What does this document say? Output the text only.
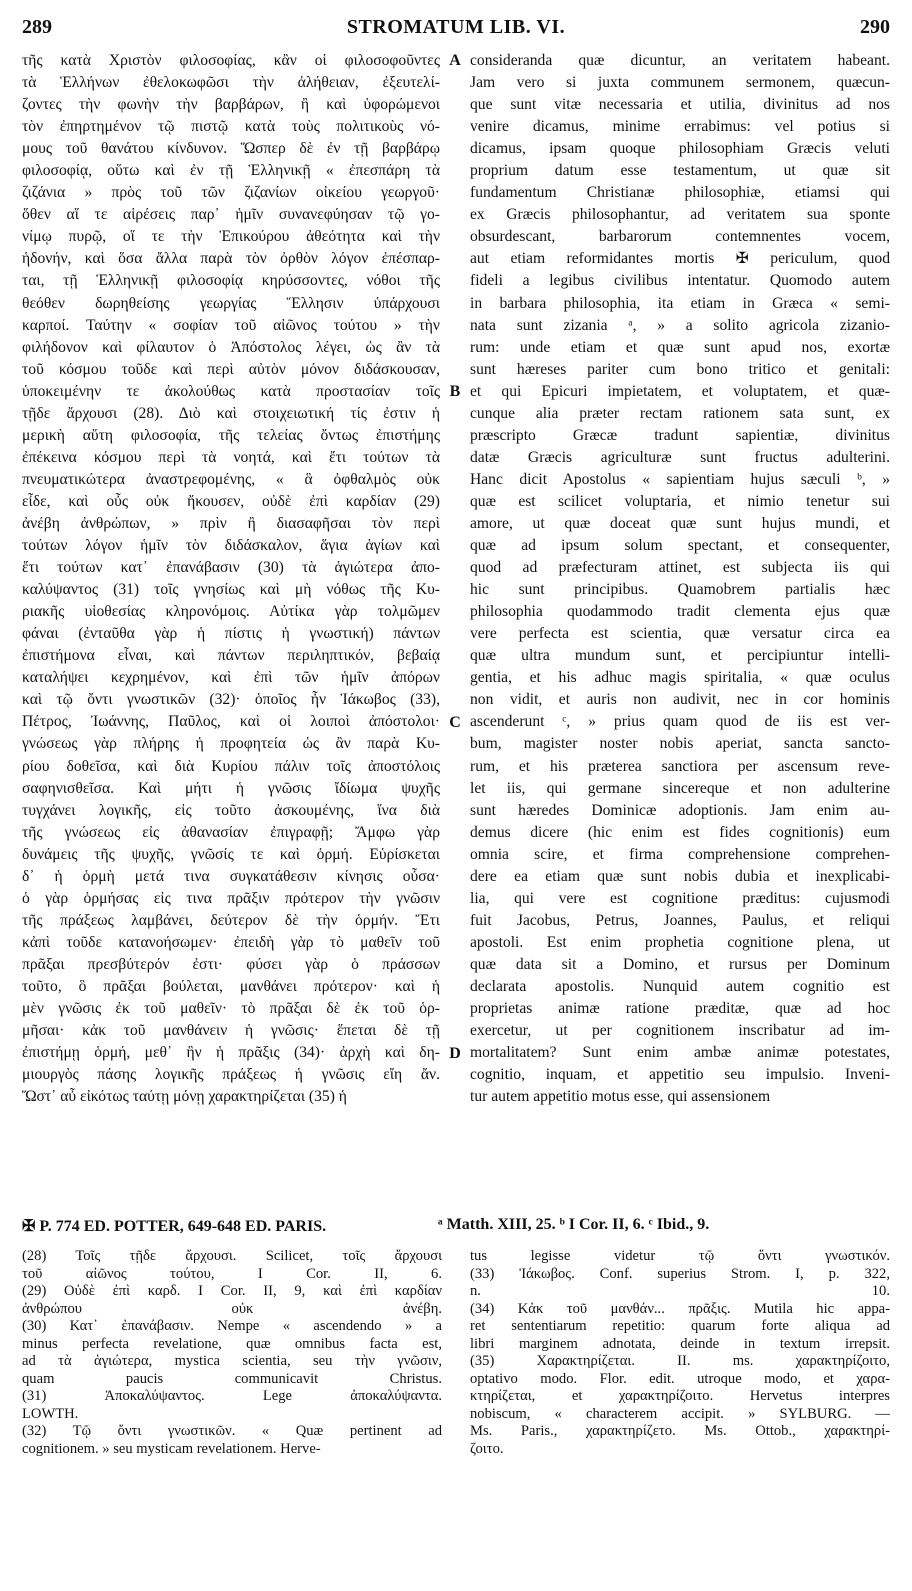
289	STROMATUM LIB. VI.	290
τῆς κατὰ Χριστὸν φιλοσοφίας, κἂν οἱ φιλοσοφοῦντες
τὰ Ἑλλήνων ἐθελοκωφῶσι τὴν ἀλήθειαν, ἐξευτελί-
ζοντες τὴν φωνὴν τὴν βαρβάρων, ἢ καὶ ὑφορώμενοι
τὸν ἐπηρτημένον τῷ πιστῷ κατὰ τοὺς πολιτικοὺς νό-
μους τοῦ θανάτου κίνδυνον. Ὥσπερ δὲ ἐν τῇ βαρβάρῳ
φιλοσοφίᾳ, οὕτω καὶ ἐν τῇ Ἑλληνικῇ « ἐπεσπάρη τὰ
ζιζάνια » πρὸς τοῦ τῶν ζιζανίων οἰκείου γεωργοῦ·
ὅθεν αἵ τε αἱρέσεις παρ᾽ ἡμῖν συνανεφύησαν τῷ γο-
νίμῳ πυρῷ, οἵ τε τὴν Ἐπικούρου ἀθεότητα καὶ τὴν
ἡδονήν, καὶ ὅσα ἄλλα παρὰ τὸν ὀρθὸν λόγον ἐπέσπαρ-
ται, τῇ Ἑλληνικῇ φιλοσοφίᾳ κηρύσσοντες, νόθοι τῆς
θεόθεν δωρηθείσης γεωργίας Ἕλλησιν ὑπάρχουσι
καρποί. Ταύτην « σοφίαν τοῦ αἰῶνος τούτου » τὴν
φιλήδονον καὶ φίλαυτον ὁ Ἀπόστολος λέγει, ὡς ἂν τὰ
τοῦ κόσμου τοῦδε καὶ περὶ αὐτὸν μόνον διδάσκουσαν,
ὑποκειμένην τε ἀκολούθως κατὰ προστασίαν τοῖς
τῇδε ἄρχουσι (28). Διὸ καὶ στοιχειωτική τίς ἐστιν ἡ
μερικὴ αὕτη φιλοσοφία, τῆς τελείας ὄντως ἐπιστήμης
ἐπέκεινα κόσμου περὶ τὰ νοητά, καὶ ἔτι τούτων τὰ
πνευματικώτερα ἀναστρεφομένης, « ἃ ὀφθαλμὸς οὐκ
εἶδε, καὶ οὖς οὐκ ἤκουσεν, οὐδὲ ἐπὶ καρδίαν (29)
ἀνέβη ἀνθρώπων, » πρὶν ἢ διασαφῆσαι τὸν περὶ
τούτων λόγον ἡμῖν τὸν διδάσκαλον, ἅγια ἁγίων καὶ
ἔτι τούτων κατ᾽ ἐπανάβασιν (30) τὰ ἁγιώτερα ἀπο-
καλύψαντος (31) τοῖς γνησίως καὶ μὴ νόθως τῆς Κυ-
ριακῆς υἱοθεσίας κληρονόμοις. Αὐτίκα γὰρ τολμῶμεν
φάναι (ἐνταῦθα γὰρ ἡ πίστις ἡ γνωστική) πάντων
ἐπιστήμονα εἶναι, καὶ πάντων περιληπτικόν, βεβαίᾳ
καταλήψει κεχρημένον, καὶ ἐπὶ τῶν ἡμῖν ἀπόρων
καὶ τῷ ὄντι γνωστικῶν (32)· ὁποῖος ἦν Ἰάκωβος (33),
Πέτρος, Ἰωάννης, Παῦλος, καὶ οἱ λοιποὶ ἀπόστολοι·
γνώσεως γὰρ πλήρης ἡ προφητεία ὡς ἂν παρὰ Κυ-
ρίου δοθεῖσα, καὶ διὰ Κυρίου πάλιν τοῖς ἀποστόλοις
σαφηνισθεῖσα. Καὶ μήτι ἡ γνῶσις ἴδίωμα ψυχῆς
τυγχάνει λογικῆς, εἰς τοῦτο ἀσκουμένης, ἵνα διὰ
τῆς γνώσεως εἰς ἀθανασίαν ἐπιγραφῇ; Ἄμφω γὰρ
δυνάμεις τῆς ψυχῆς, γνῶσίς τε καὶ ὁρμή. Εὑρίσκεται
δ᾽ ἡ ὁρμὴ μετά τινα συγκατάθεσιν κίνησις οὖσα·
ὁ γὰρ ὁρμήσας εἰς τινα πρᾶξιν πρότερον τὴν γνῶσιν
τῆς πράξεως λαμβάνει, δεύτερον δὲ τὴν ὁρμήν. Ἔτι
κἀπὶ τοῦδε κατανοήσωμεν· ἐπειδὴ γὰρ τὸ μαθεῖν τοῦ
πρᾶξαι πρεσβύτερόν ἐστι· φύσει γὰρ ὁ πράσσων
τοῦτο, ὃ πρᾶξαι βούλεται, μανθάνει πρότερον· καὶ ἡ
μὲν γνῶσις ἐκ τοῦ μαθεῖν· τὸ πρᾶξαι δὲ ἐκ τοῦ ὁρ-
μῆσαι· κἀκ τοῦ μανθάνειν ἡ γνῶσις· ἕπεται δὲ τῇ
ἐπιστήμῃ ὁρμή, μεθ᾽ ἣν ἡ πρᾶξις (34)· ἀρχὴ καὶ δη-
μιουργὸς πάσης λογικῆς πράξεως ἡ γνῶσις εἴη ἄν.
Ὥστ᾽ αὖ εἰκότως ταύτῃ μόνῃ χαρακτηρίζεται (35) ἡ
consideranda quæ dicuntur, an veritatem habeant.
Jam vero si juxta communem sermonem, quæcun-
que sunt vitæ necessaria et utilia, divinitus ad nos
venire dicamus, minime errabimus: vel potius si
dicamus, ipsam quoque philosophiam Græcis veluti
proprium datum esse testamentum, ut quæ sit
fundamentum Christianæ philosophiæ, etiamsi qui
ex Græcis philosophantur, ad veritatem sua sponte
obsurdescant, barbarorum contemnentes vocem,
aut etiam reformidantes mortis ✠ periculum, quod
fideli a legibus civilibus intentatur. Quomodo autem
in barbara philosophia, ita etiam in Græca « semi-
nata sunt zizania ᵃ, » a solito agricola zizanio-
rum: unde etiam et quæ sunt apud nos, exortæ
sunt hæreses pariter cum bono tritico et genitali:
et qui Epicuri impietatem, et voluptatem, et quæ-
cunque alia præter rectam rationem sata sunt, ex
præscripto Græcæ tradunt sapientiæ, divinitus
datæ Græcis agriculturæ sunt fructus adulterini.
Hanc dicit Apostolus « sapientiam hujus sæculi ᵇ, »
quæ est scilicet voluptaria, et nimio tenetur sui
amore, ut quæ doceat quæ sunt hujus mundi, et
quæ ad ipsum solum spectant, et consequenter,
quod ad præfecturam attinet, est subjecta iis qui
hic sunt principibus. Quamobrem partialis hæc
philosophia quodammodo tradit clementa ejus quæ
vere perfecta est scientia, quæ versatur circa ea
quæ ultra mundum sunt, et percipiuntur intelli-
gentia, et his adhuc magis spiritalia, « quæ oculus
non vidit, et auris non audivit, nec in cor hominis
ascenderunt ᶜ, » prius quam quod de iis est ver-
bum, magister noster nobis aperiat, sancta sancto-
rum, et his præterea sanctiora per ascensum reve-
let iis, qui germane sincereque et non adulterine
sunt hæredes Dominicæ adoptionis. Jam enim au-
demus dicere (hic enim est fides cognitionis) eum
omnia scire, et firma comprehensione comprehen-
dere ea etiam quæ sunt nobis dubia et inexplicabi-
lia, qui vere est cognitione præditus: cujusmodi
fuit Jacobus, Petrus, Joannes, Paulus, et reliqui
apostoli. Est enim prophetia cognitione plena, ut
quæ data sit a Domino, et rursus per Dominum
declarata apostolis. Nunquid autem cognitio est
proprietas animæ ratione præditæ, quæ ad hoc
exercetur, ut per cognitionem inscribatur ad im-
mortalitatem? Sunt enim ambæ animæ potestates,
cognitio, inquam, et appetitio seu impulsio. Inveni-
tur autem appetitio motus esse, qui assensionem
A
B
C
D
✠ P. 774 ED. POTTER, 649-648 ED. PARIS.	ᵃ Matth. XIII, 25. ᵇ I Cor. II, 6. ᶜ Ibid., 9.
(28) Τοῖς τῇδε ἄρχουσι. Scilicet, τοῖς ἄρχουσι
τοῦ αἰῶνος τούτου, I Cor. II, 6.
(29) Οὐδὲ ἐπὶ καρδ. I Cor. II, 9, καὶ ἐπὶ καρδίαν
ἀνθρώπου οὐκ ἀνέβη.
(30) Κατ᾽ ἐπανάβασιν. Nempe « ascendendo » a
minus perfecta revelatione, quæ omnibus facta est,
ad τὰ ἁγιώτερα, mystica scientia, seu τὴν γνῶσιν,
quam paucis communicavit Christus.
(31) Ἀποκαλύψαντος. Lege ἀποκαλύψαντα.
LOWTH.
(32) Τῷ ὄντι γνωστικῶν. « Quæ pertinent ad
cognitionem. » seu mysticam revelationem. Herve-
tus legisse videtur τῷ ὄντι γνωστικόν.
(33) Ἰάκωβος. Conf. superius Strom. I, p. 322,
n. 10.
(34) Κἀκ τοῦ μανθάν... πρᾶξις. Mutila hic appa-
ret sententiarum repetitio: quarum forte aliqua ad
libri marginem adnotata, deinde in textum irrepsit.
(35) Χαρακτηρίζεται. II. ms. χαρακτηρίζοιτο,
optativo modo. Flor. edit. utroque modo, et χαρα-
κτηρίζεται, et χαρακτηρίζοιτο. Hervetus interpres
nobiscum, « characterem accipit. » SYLBURG. —
Ms. Paris., χαρακτηρίζετο. Ms. Ottob., χαρακτηρί-
ζοιτο.
